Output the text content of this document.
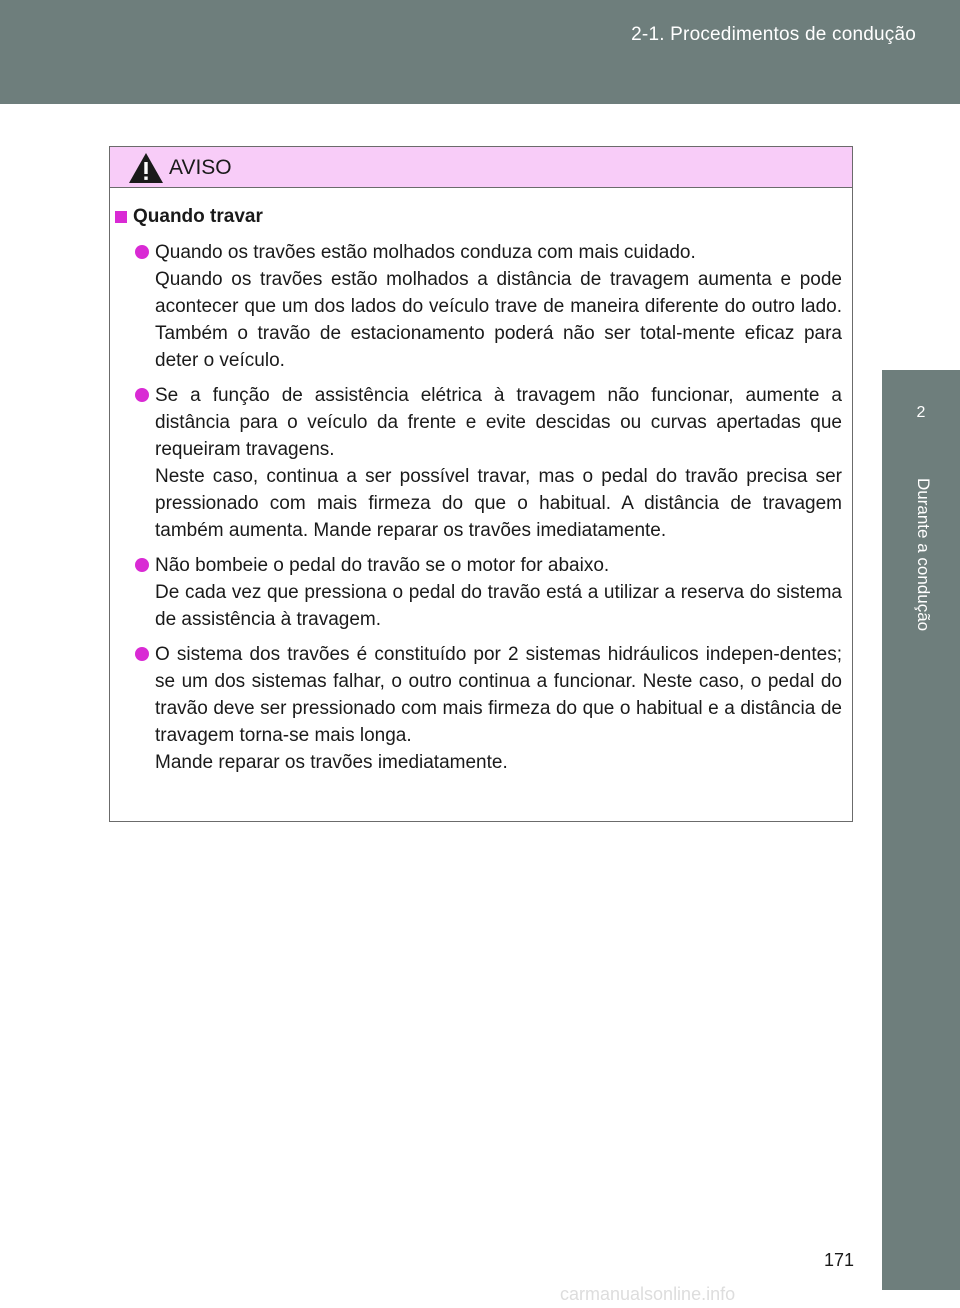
2-1. Procedimentos de condução
2
Durante a condução
AVISO
Quando travar

Quando os travões estão molhados conduza com mais cuidado.

Quando os travões estão molhados a distância de travagem aumenta e pode acontecer que um dos lados do veículo trave de maneira diferente do outro lado. Também o travão de estacionamento poderá não ser total-mente eficaz para deter o veículo.

Se a função de assistência elétrica à travagem não funcionar, aumente a distância para o veículo da frente e evite descidas ou curvas apertadas que requeiram travagens.

Neste caso, continua a ser possível travar, mas o pedal do travão precisa ser pressionado com mais firmeza do que o habitual. A distância de travagem também aumenta. Mande reparar os travões imediatamente.

Não bombeie o pedal do travão se o motor for abaixo.

De cada vez que pressiona o pedal do travão está a utilizar a reserva do sistema de assistência à travagem.

O sistema dos travões é constituído por 2 sistemas hidráulicos indepen-dentes; se um dos sistemas falhar, o outro continua a funcionar. Neste caso, o pedal do travão deve ser pressionado com mais firmeza do que o habitual e a distância de travagem torna-se mais longa.

Mande reparar os travões imediatamente.

171
carmanualsonline.info
